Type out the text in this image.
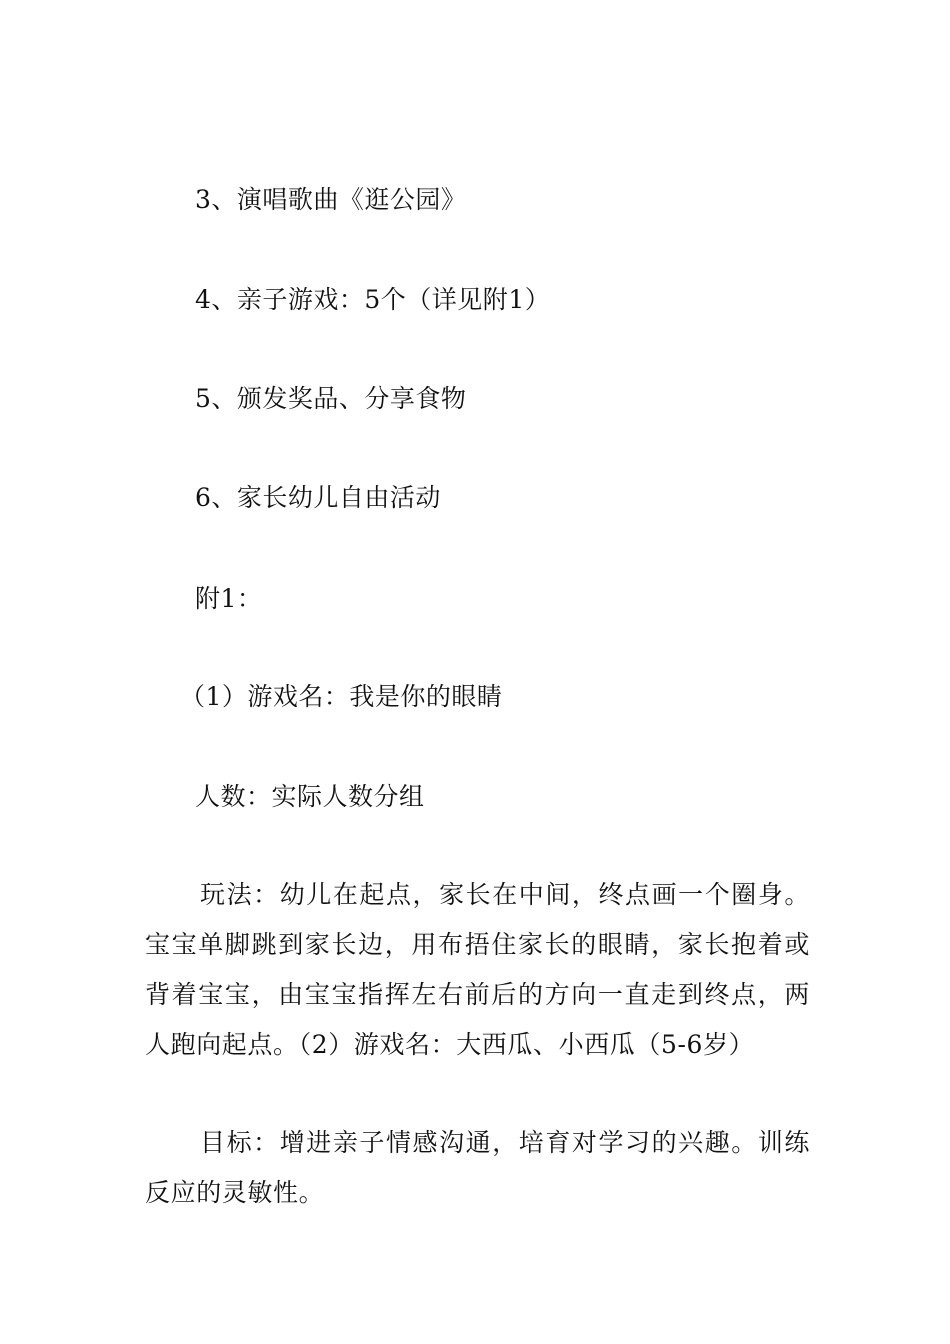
3、演唱歌曲《逛公园》
4、亲子游戏：5个（详见附1）
5、颁发奖品、分享食物
6、家长幼儿自由活动
附1：
（1）游戏名：我是你的眼睛
人数：实际人数分组

玩法：幼儿在起点，家长在中间，终点画一个圈身。宝宝单脚跳到家长边，用布捂住家长的眼睛，家长抱着或背着宝宝，由宝宝指挥左右前后的方向一直走到终点，两人跑向起点。（2）游戏名：大西瓜、小西瓜（5-6岁）

目标：增进亲子情感沟通，培育对学习的兴趣。训练反应的灵敏性。
